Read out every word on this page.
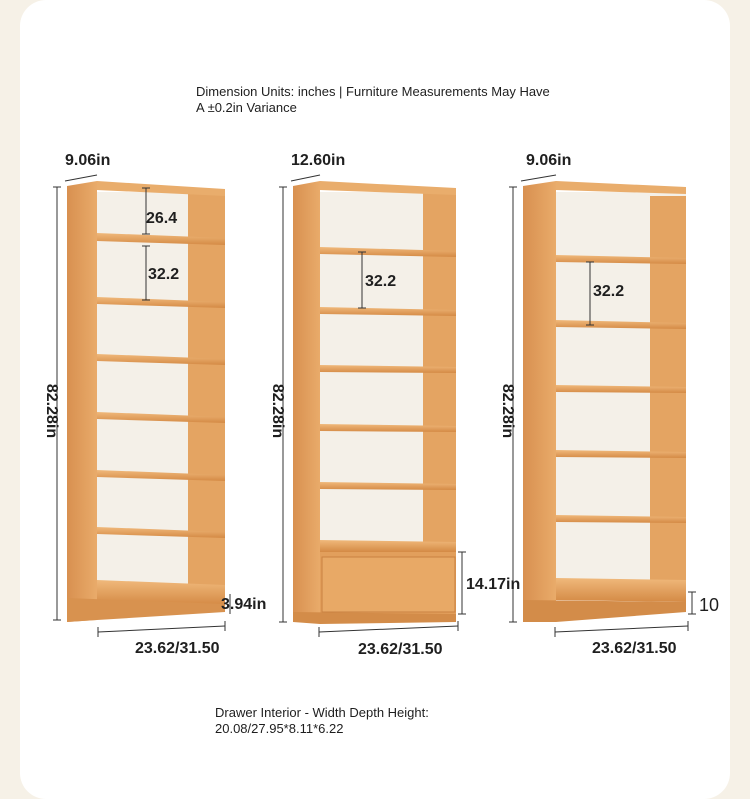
Dimension Units: inches | Furniture Measurements May Have A ±0.2in Variance
9.06in
82.28in
26.4
32.2
3.94in
23.62/31.50
12.60in
82.28in
32.2
14.17in
23.62/31.50
9.06in
82.28in
32.2
10
23.62/31.50
Drawer Interior - Width Depth Height: 20.08/27.95*8.11*6.22
